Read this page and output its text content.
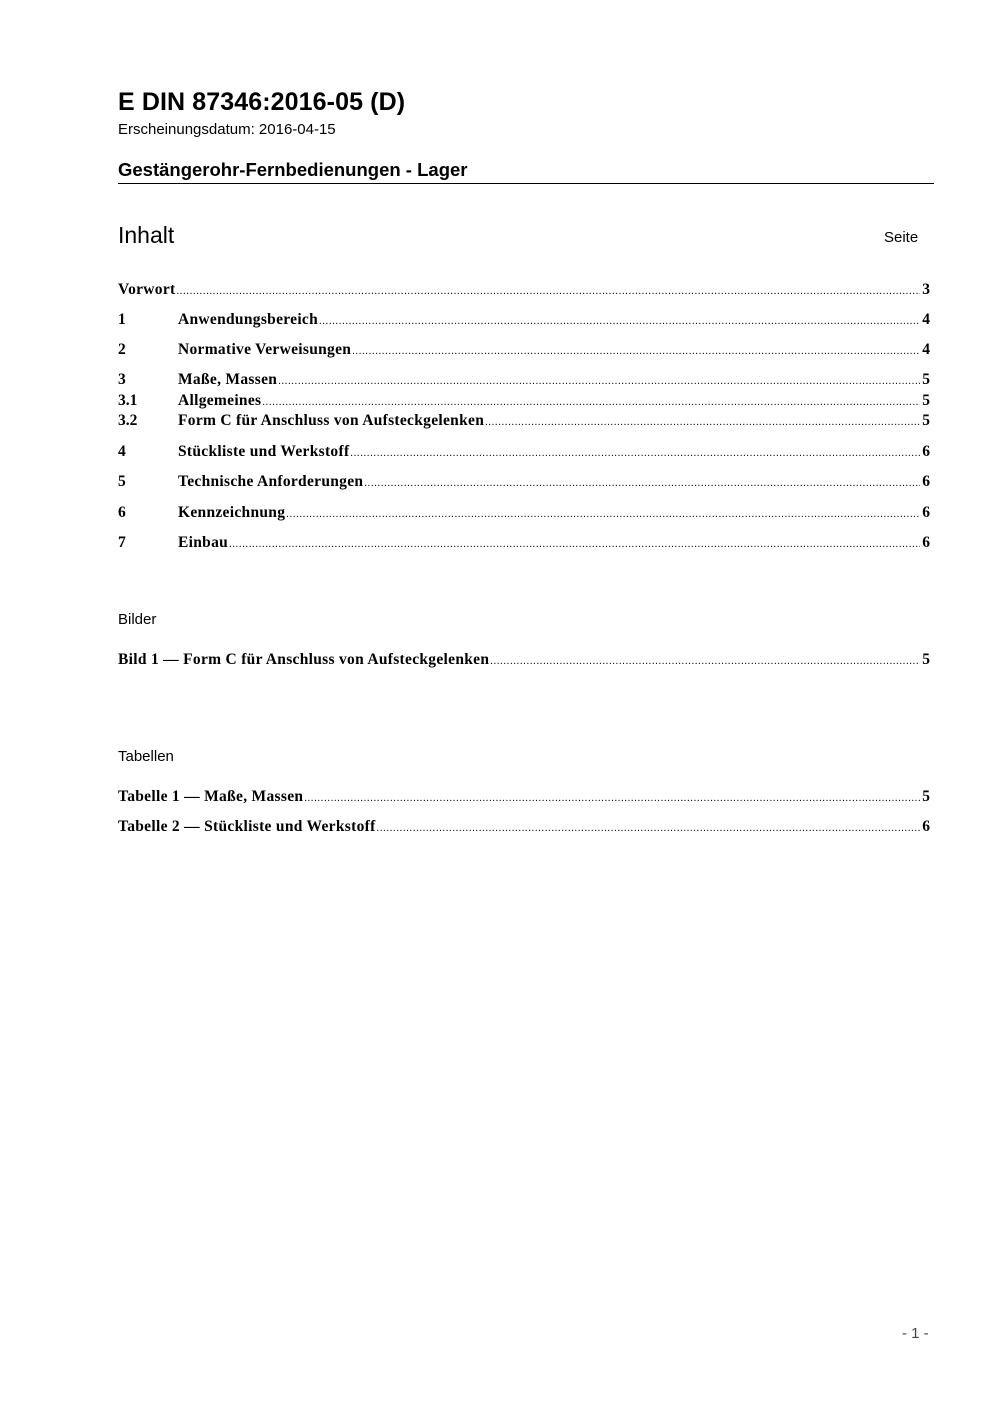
E DIN 87346:2016-05 (D)
Erscheinungsdatum: 2016-04-15
Gestängerohr-Fernbedienungen - Lager
Inhalt	Seite
Vorwort .....	3
1	Anwendungsbereich .....	4
2	Normative Verweisungen .....	4
3	Maße, Massen .....	5
3.1	Allgemeines .....	5
3.2	Form C für Anschluss von Aufsteckgelenken .....	5
4	Stückliste und Werkstoff .....	6
5	Technische Anforderungen .....	6
6	Kennzeichnung .....	6
7	Einbau .....	6
Bilder
Bild 1 — Form C für Anschluss von Aufsteckgelenken .....	5
Tabellen
Tabelle 1 — Maße, Massen .....	5
Tabelle 2 — Stückliste und Werkstoff .....	6
- 1 -
